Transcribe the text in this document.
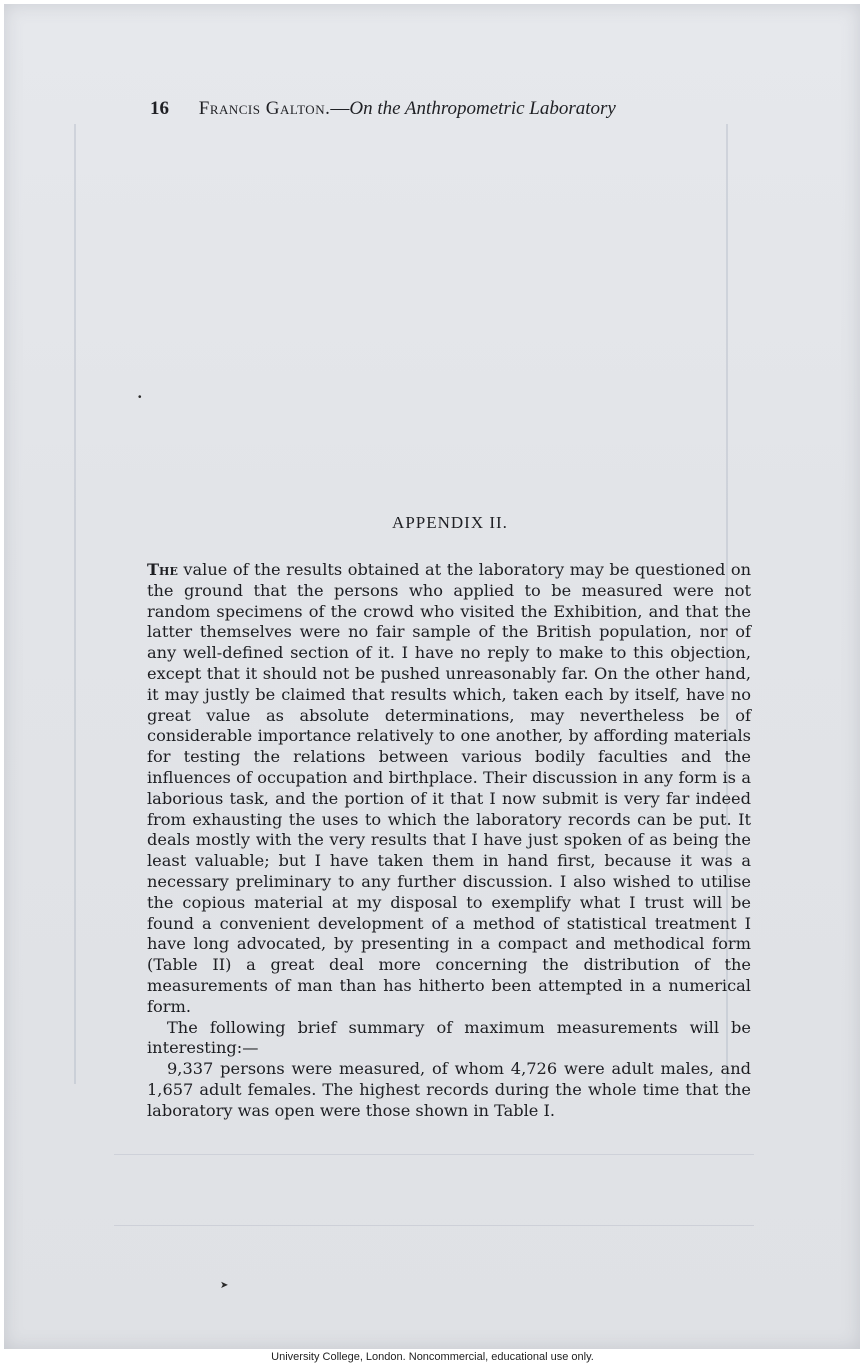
16 Francis Galton.—On the Anthropometric Laboratory
APPENDIX II.

The value of the results obtained at the laboratory may be questioned on the ground that the persons who applied to be measured were not random specimens of the crowd who visited the Exhibition, and that the latter themselves were no fair sample of the British population, nor of any well-defined section of it. I have no reply to make to this objection, except that it should not be pushed unreasonably far. On the other hand, it may justly be claimed that results which, taken each by itself, have no great value as absolute determinations, may nevertheless be of considerable importance relatively to one another, by affording materials for testing the relations between various bodily faculties and the influences of occupation and birthplace. Their discussion in any form is a laborious task, and the portion of it that I now submit is very far indeed from exhausting the uses to which the laboratory records can be put. It deals mostly with the very results that I have just spoken of as being the least valuable; but I have taken them in hand first, because it was a necessary preliminary to any further discussion. I also wished to utilise the copious material at my disposal to exemplify what I trust will be found a convenient development of a method of statistical treatment I have long advocated, by presenting in a compact and methodical form (Table II) a great deal more concerning the distribution of the measurements of man than has hitherto been attempted in a numerical form.

The following brief summary of maximum measurements will be interesting:—

9,337 persons were measured, of whom 4,726 were adult males, and 1,657 adult females. The highest records during the whole time that the laboratory was open were those shown in Table I.

•
➤
University College, London. Noncommercial, educational use only.
